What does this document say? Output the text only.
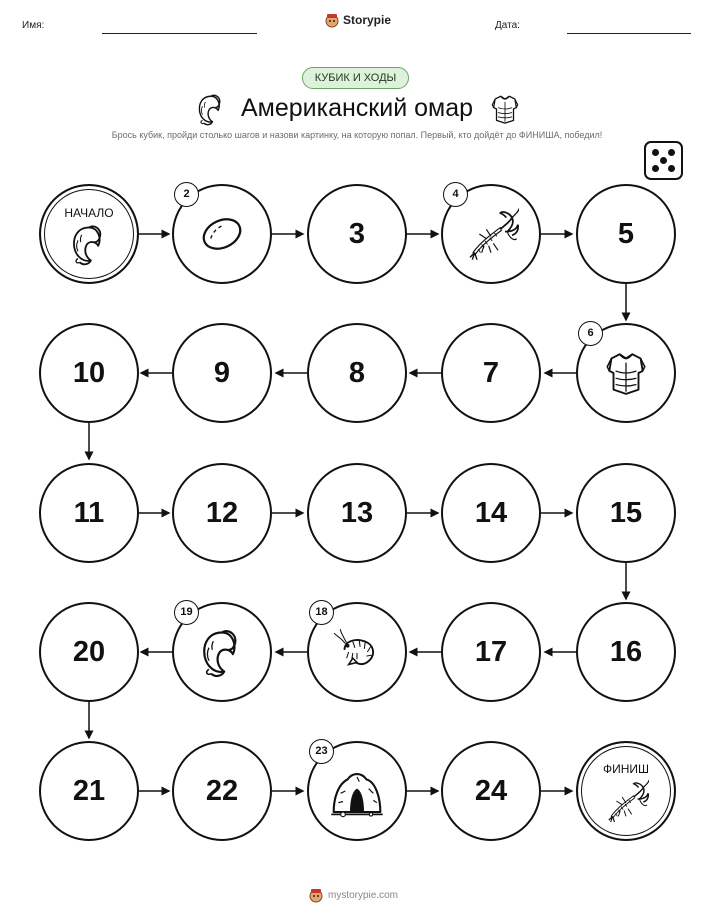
Имя:	Storypie	Дата:
КУБИК И ХОДЫ
Американский омар
Брось кубик, пройди столько шагов и назови картинку, на которую попал. Первый, кто дойдёт до ФИНИША, победил!
НАЧАЛО
2
3
4
5
10	9	8	7
6
11	12	13	14	15
20
19	18
17	16
21	22
23
24
ФИНИШ
mystorypie.com
